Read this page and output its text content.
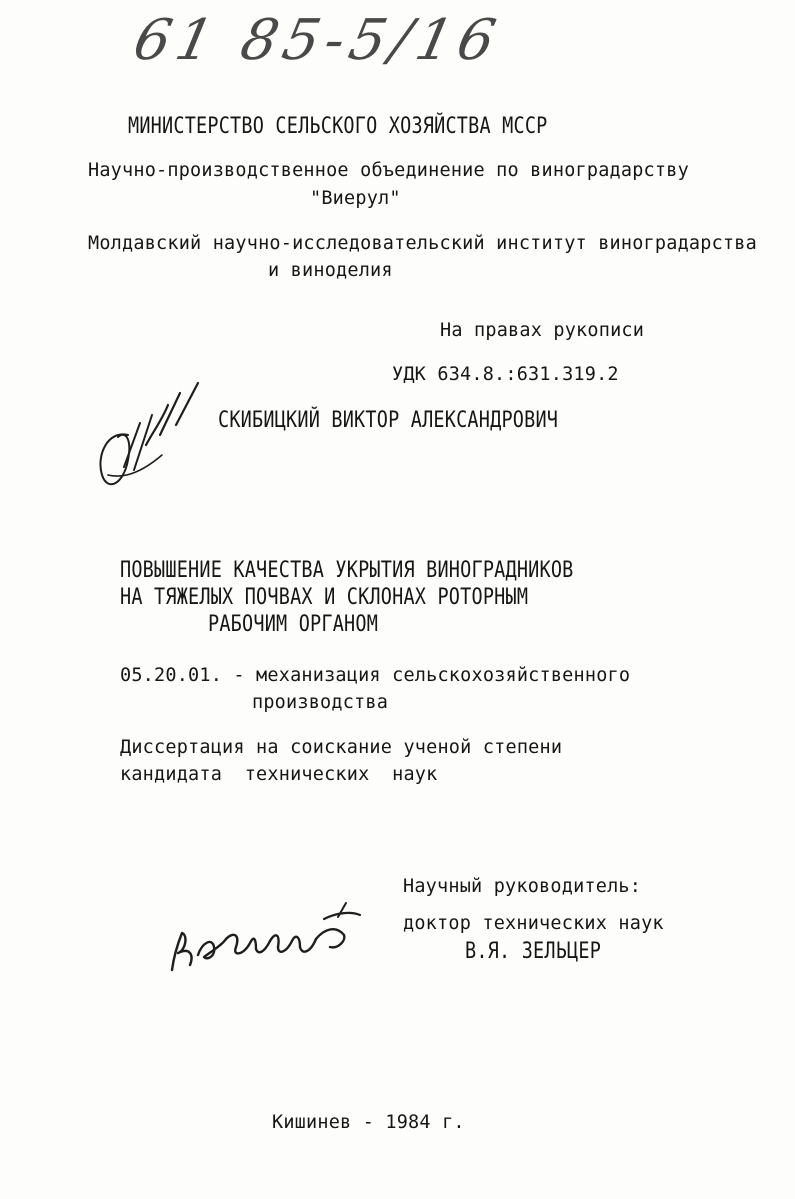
61 85-5/16
МИНИСТЕРСТВО СЕЛЬСКОГО ХОЗЯЙСТВА МССР
Научно-производственное объединение по виноградарству
"Виерул"
Молдавский научно-исследовательский институт виноградарства
и виноделия
На правах рукописи
УДК 634.8.:631.319.2
СКИБИЦКИЙ ВИКТОР АЛЕКСАНДРОВИЧ
ПОВЫШЕНИЕ КАЧЕСТВА УКРЫТИЯ ВИНОГРАДНИКОВ
НА ТЯЖЕЛЫХ ПОЧВАХ И СКЛОНАХ РОТОРНЫМ
РАБОЧИМ ОРГАНОМ
05.20.01. - механизация сельскохозяйственного
производства
Диссертация на соискание ученой степени
кандидата  технических  наук
Научный руководитель:
доктор технических наук
В.Я. ЗЕЛЬЦЕР
Кишинев - 1984 г.
